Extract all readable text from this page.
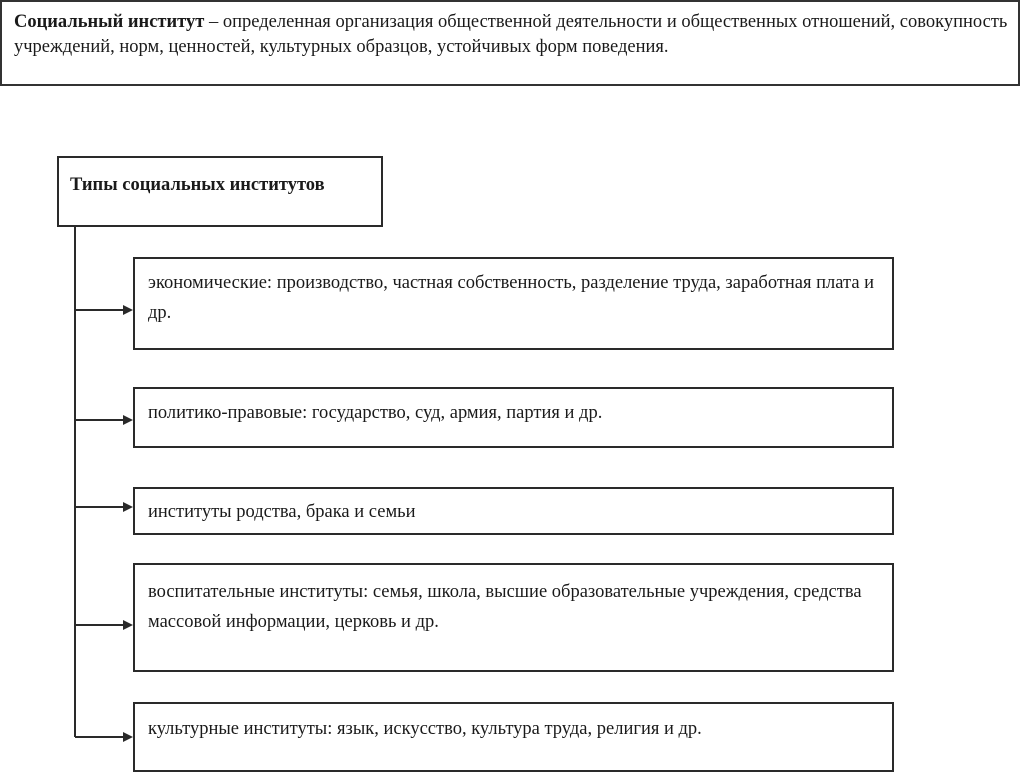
Социальный институт – определенная организация общественной деятельности и общественных отношений, совокупность учреждений, норм, ценностей, культурных образцов, устойчивых форм поведения.
Типы социальных институтов
экономические: производство, частная собственность, разделение труда, заработная плата и др.
политико-правовые: государство, суд, армия, партия и др.
институты родства, брака и семьи
воспитательные институты: семья, школа, высшие образовательные учреждения, средства массовой информации, церковь и др.
культурные институты: язык, искусство, культура труда, религия и др.
